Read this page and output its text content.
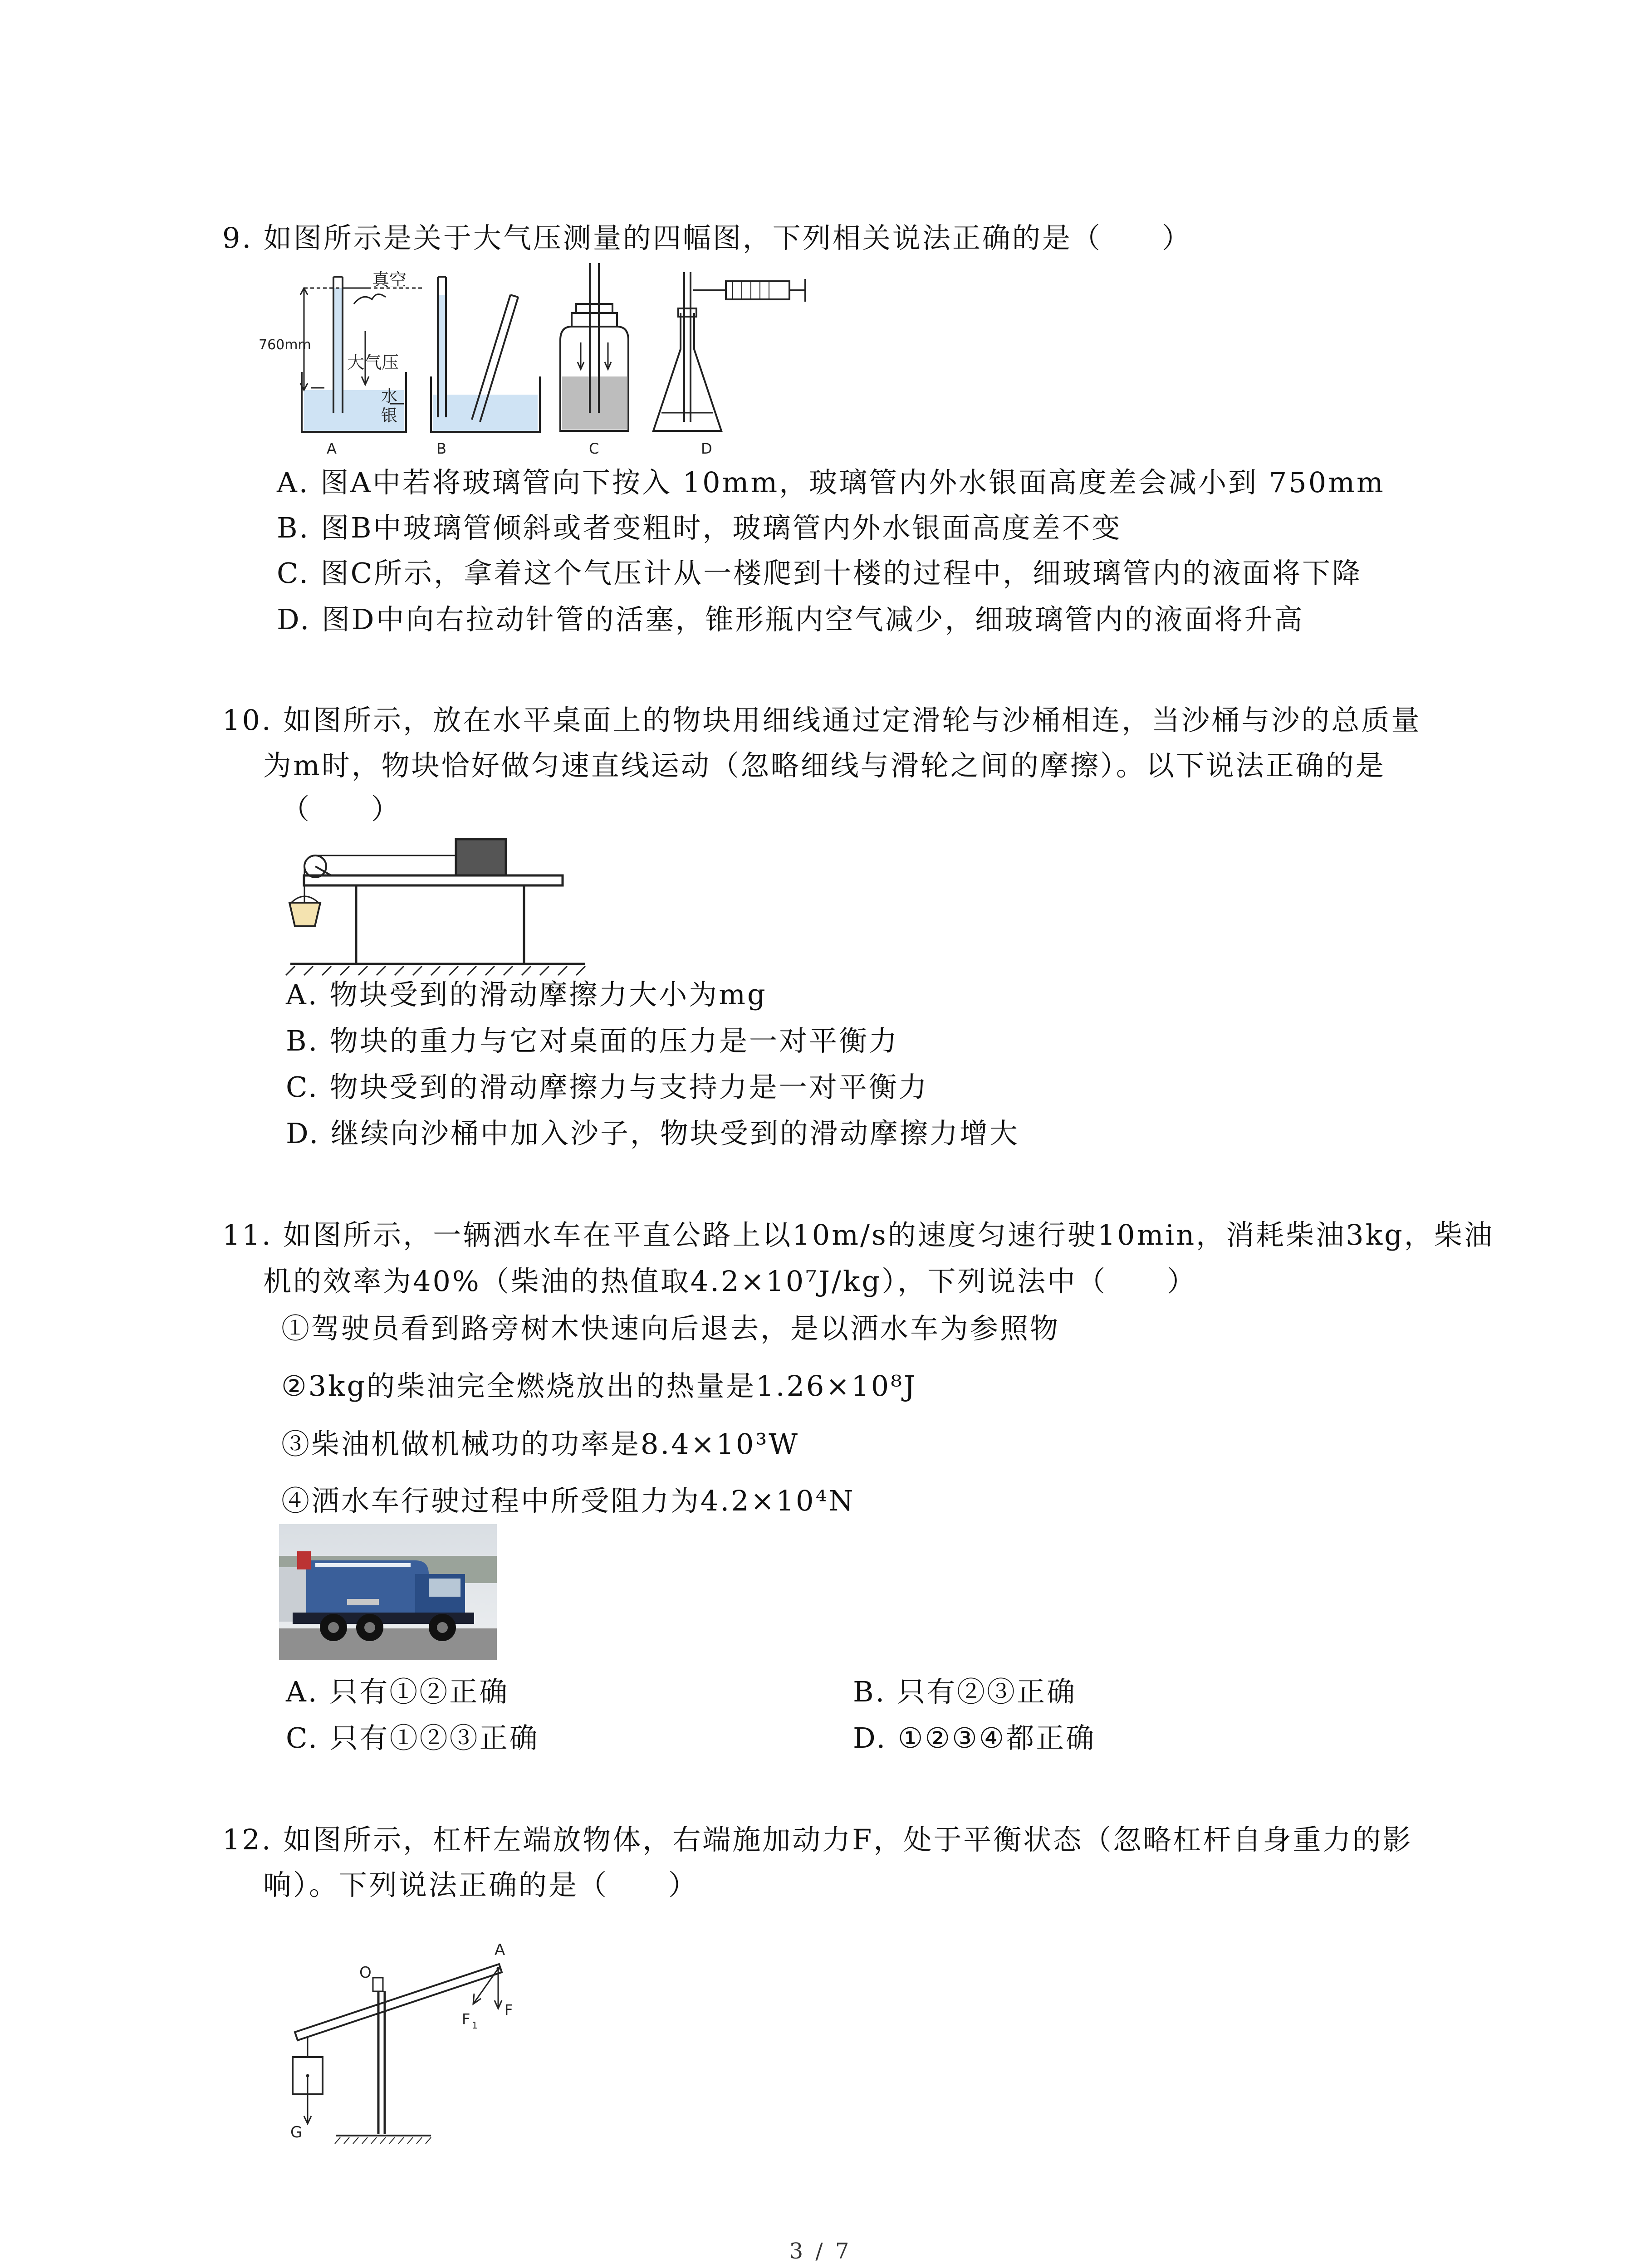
9. 如图所示是关于大气压测量的四幅图，下列相关说法正确的是（　　）
真空
760mm
大气压
水
银
A	B	C	D
A. 图A中若将玻璃管向下按入 10mm，玻璃管内外水银面高度差会减小到 750mm
B. 图B中玻璃管倾斜或者变粗时，玻璃管内外水银面高度差不变
C. 图C所示，拿着这个气压计从一楼爬到十楼的过程中，细玻璃管内的液面将下降
D. 图D中向右拉动针管的活塞，锥形瓶内空气减少，细玻璃管内的液面将升高
10. 如图所示，放在水平桌面上的物块用细线通过定滑轮与沙桶相连，当沙桶与沙的总质量
为m时，物块恰好做匀速直线运动（忽略细线与滑轮之间的摩擦）。以下说法正确的是
（　　）
A. 物块受到的滑动摩擦力大小为mg
B. 物块的重力与它对桌面的压力是一对平衡力
C. 物块受到的滑动摩擦力与支持力是一对平衡力
D. 继续向沙桶中加入沙子，物块受到的滑动摩擦力增大
11. 如图所示，一辆洒水车在平直公路上以10m/s的速度匀速行驶10min，消耗柴油3kg，柴油
机的效率为40%（柴油的热值取4.2×10⁷J/kg），下列说法中（　　）
①驾驶员看到路旁树木快速向后退去，是以洒水车为参照物
②3kg的柴油完全燃烧放出的热量是1.26×10⁸J
③柴油机做机械功的功率是8.4×10³W
④洒水车行驶过程中所受阻力为4.2×10⁴N
A. 只有①②正确	B. 只有②③正确
C. 只有①②③正确	D. ①②③④都正确
12. 如图所示，杠杆左端放物体，右端施加动力F，处于平衡状态（忽略杠杆自身重力的影
响）。下列说法正确的是（　　）
A
O
F 1
F
G
3 / 7
